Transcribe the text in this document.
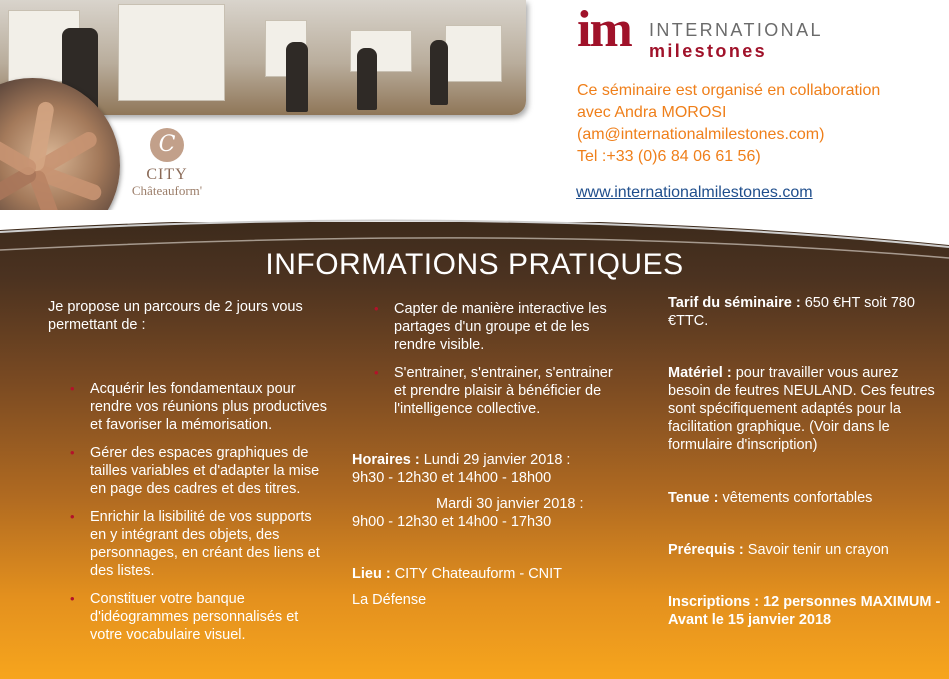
C
CITY
Châteauform'
im INTERNATIONAL
milestones
Ce séminaire est organisé en collaboration
avec Andra MOROSI
(am@internationalmilestones.com)
Tel :+33 (0)6 84 06 61 56)
www.internationalmilestones.com
INFORMATIONS PRATIQUES
Je propose un parcours de 2 jours vous permettant de :
• Acquérir les fondamentaux pour rendre vos réunions plus productives et favoriser la mémorisation.
• Gérer des espaces graphiques de tailles variables et d'adapter la mise en page des cadres et des titres.
• Enrichir la lisibilité de vos supports en y intégrant des objets, des personnages, en créant des liens et des listes.
• Constituer votre banque d'idéogrammes personnalisés et votre vocabulaire visuel.
• Capter de manière interactive les partages d'un groupe et de les rendre visible.
• S'entrainer, s'entrainer, s'entrainer et prendre plaisir à bénéficier de l'intelligence collective.
Horaires : Lundi 29 janvier 2018 :
9h30 - 12h30 et 14h00 - 18h00
Mardi 30 janvier 2018 :
9h00 - 12h30 et 14h00 - 17h30
Lieu : CITY Chateauform - CNIT
La Défense

Tarif du séminaire : 650 €HT soit 780 €TTC.

Matériel : pour travailler vous aurez besoin de feutres NEULAND. Ces feutres sont spécifiquement adaptés pour la facilitation graphique. (Voir dans le formulaire d'inscription)

Tenue : vêtements confortables

Prérequis : Savoir tenir un crayon

Inscriptions : 12 personnes MAXIMUM - Avant le 15 janvier 2018
